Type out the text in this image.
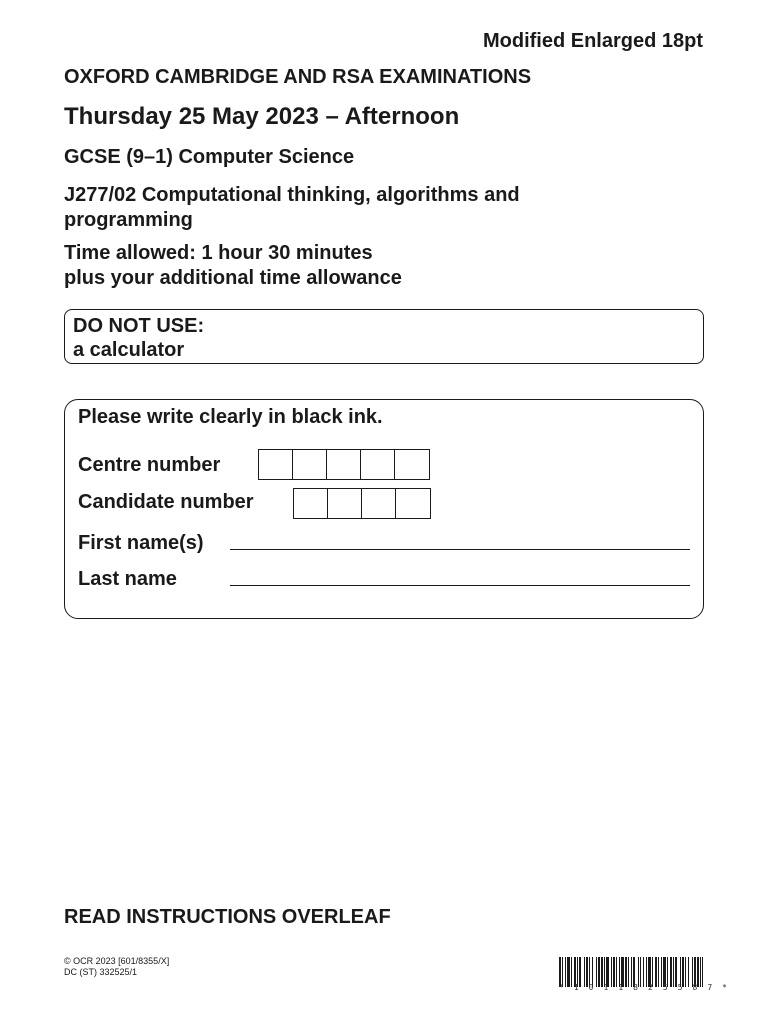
Modified Enlarged 18pt
OXFORD CAMBRIDGE AND RSA EXAMINATIONS
Thursday 25 May 2023 – Afternoon
GCSE (9–1) Computer Science
J277/02 Computational thinking, algorithms and
programming
Time allowed: 1 hour 30 minutes
plus your additional time allowance
DO NOT USE:
a calculator
Please write clearly in black ink.
Centre number
Candidate number
First name(s)
Last name
READ INSTRUCTIONS OVERLEAF
© OCR 2023 [601/8355/X]
DC (ST) 332525/1
* 1 0 1 1 8 2 5 5 8 7 *
